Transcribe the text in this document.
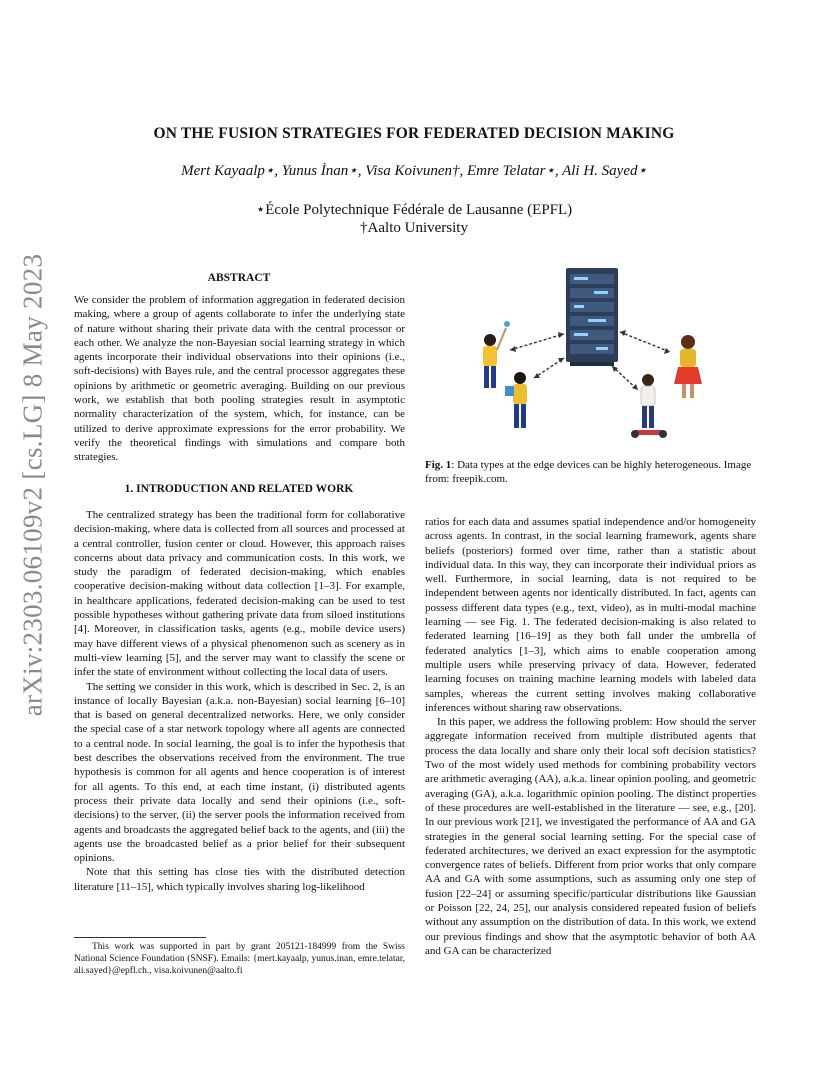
arXiv:2303.06109v2 [cs.LG] 8 May 2023
ON THE FUSION STRATEGIES FOR FEDERATED DECISION MAKING
Mert Kayaalp⋆, Yunus İnan⋆, Visa Koivunen†, Emre Telatar⋆, Ali H. Sayed⋆
⋆École Polytechnique Fédérale de Lausanne (EPFL)
†Aalto University
ABSTRACT

We consider the problem of information aggregation in federated decision making, where a group of agents collaborate to infer the underlying state of nature without sharing their private data with the central processor or each other. We analyze the non-Bayesian social learning strategy in which agents incorporate their individual observations into their opinions (i.e., soft-decisions) with Bayes rule, and the central processor aggregates these opinions by arithmetic or geometric averaging. Building on our previous work, we establish that both pooling strategies result in asymptotic normality characterization of the system, which, for instance, can be utilized to derive approximate expressions for the error probability. We verify the theoretical findings with simulations and compare both strategies.

1. INTRODUCTION AND RELATED WORK

The centralized strategy has been the traditional form for collaborative decision-making, where data is collected from all sources and processed at a central controller, fusion center or cloud. However, this approach raises concerns about data privacy and communication costs. In this work, we study the paradigm of federated decision-making, which enables cooperative decision-making without data collection [1–3]. For example, in healthcare applications, federated decision-making can be used to test possible hypotheses without gathering private data from siloed institutions [4]. Moreover, in classification tasks, agents (e.g., mobile device users) may have different views of a physical phenomenon such as scenery as in multi-view learning [5], and the server may want to classify the scene or infer the state of environment without collecting the local data of users.

The setting we consider in this work, which is described in Sec. 2, is an instance of locally Bayesian (a.k.a. non-Bayesian) social learning [6–10] that is based on general decentralized networks. Here, we only consider the special case of a star network topology where all agents are connected to a central node. In social learning, the goal is to infer the hypothesis that best describes the observations received from the environment. The true hypothesis is common for all agents and hence cooperation is of interest for all agents. To this end, at each time instant, (i) distributed agents process their private data locally and send their opinions (i.e., soft-decisions) to the server, (ii) the server pools the information received from agents and broadcasts the aggregated belief back to the agents, and (iii) the agents use the broadcasted belief as a prior belief for their subsequent opinions.

Note that this setting has close ties with the distributed detection literature [11–15], which typically involves sharing log-likelihood

This work was supported in part by grant 205121-184999 from the Swiss National Science Foundation (SNSF). Emails: {mert.kayaalp, yunus.inan, emre.telatar, ali.sayed}@epfl.ch., visa.koivunen@aalto.fi
Fig. 1: Data types at the edge devices can be highly heterogeneous. Image from: freepik.com.

ratios for each data and assumes spatial independence and/or homogeneity across agents. In contrast, in the social learning framework, agents share beliefs (posteriors) formed over time, rather than a statistic about individual data. In this way, they can incorporate their individual priors as well. Furthermore, in social learning, data is not required to be independent between agents nor identically distributed. In fact, agents can possess different data types (e.g., text, video), as in multi-modal machine learning — see Fig. 1. The federated decision-making is also related to federated learning [16–19] as they both fall under the umbrella of federated analytics [1–3], which aims to enable cooperation among multiple users while preserving privacy of data. However, federated learning focuses on training machine learning models with labeled data samples, whereas the current setting involves making collaborative inferences without sharing raw observations.

In this paper, we address the following problem: How should the server aggregate information received from multiple distributed agents that process the data locally and share only their local soft decision statistics? Two of the most widely used methods for combining probability vectors are arithmetic averaging (AA), a.k.a. linear opinion pooling, and geometric averaging (GA), a.k.a. logarithmic opinion pooling. The distinct properties of these procedures are well-established in the literature — see, e.g., [20]. In our previous work [21], we investigated the performance of AA and GA strategies in the general social learning setting. For the special case of federated architectures, we derived an exact expression for the asymptotic convergence rates of beliefs. Different from prior works that only compare AA and GA with some assumptions, such as assuming only one step of fusion [22–24] or assuming specific/particular distributions like Gaussian or Poisson [22, 24, 25], our analysis considered repeated fusion of beliefs without any assumption on the distribution of data. In this work, we extend our previous findings and show that the asymptotic behavior of both AA and GA can be characterized
